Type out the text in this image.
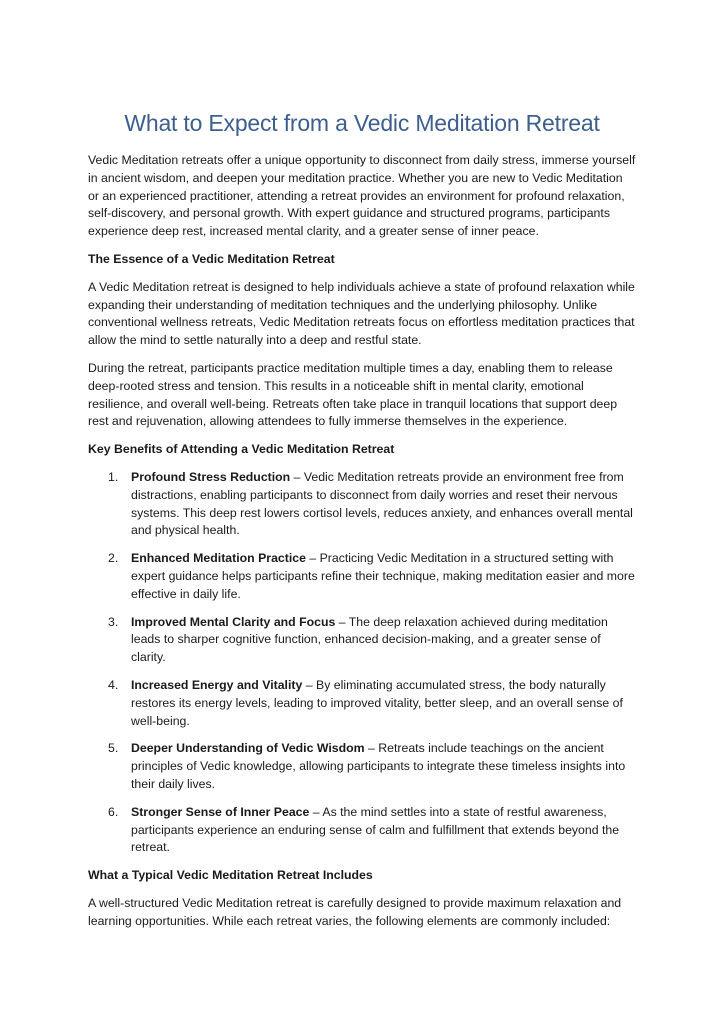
What to Expect from a Vedic Meditation Retreat

Vedic Meditation retreats offer a unique opportunity to disconnect from daily stress, immerse yourself in ancient wisdom, and deepen your meditation practice. Whether you are new to Vedic Meditation or an experienced practitioner, attending a retreat provides an environment for profound relaxation, self-discovery, and personal growth. With expert guidance and structured programs, participants experience deep rest, increased mental clarity, and a greater sense of inner peace.

The Essence of a Vedic Meditation Retreat

A Vedic Meditation retreat is designed to help individuals achieve a state of profound relaxation while expanding their understanding of meditation techniques and the underlying philosophy. Unlike conventional wellness retreats, Vedic Meditation retreats focus on effortless meditation practices that allow the mind to settle naturally into a deep and restful state.

During the retreat, participants practice meditation multiple times a day, enabling them to release deep-rooted stress and tension. This results in a noticeable shift in mental clarity, emotional resilience, and overall well-being. Retreats often take place in tranquil locations that support deep rest and rejuvenation, allowing attendees to fully immerse themselves in the experience.

Key Benefits of Attending a Vedic Meditation Retreat
1.	Profound Stress Reduction – Vedic Meditation retreats provide an environment free from distractions, enabling participants to disconnect from daily worries and reset their nervous systems. This deep rest lowers cortisol levels, reduces anxiety, and enhances overall mental and physical health.
2.	Enhanced Meditation Practice – Practicing Vedic Meditation in a structured setting with expert guidance helps participants refine their technique, making meditation easier and more effective in daily life.
3.	Improved Mental Clarity and Focus – The deep relaxation achieved during meditation leads to sharper cognitive function, enhanced decision-making, and a greater sense of clarity.
4.	Increased Energy and Vitality – By eliminating accumulated stress, the body naturally restores its energy levels, leading to improved vitality, better sleep, and an overall sense of well-being.
5.	Deeper Understanding of Vedic Wisdom – Retreats include teachings on the ancient principles of Vedic knowledge, allowing participants to integrate these timeless insights into their daily lives.
6.	Stronger Sense of Inner Peace – As the mind settles into a state of restful awareness, participants experience an enduring sense of calm and fulfillment that extends beyond the retreat.
What a Typical Vedic Meditation Retreat Includes

A well-structured Vedic Meditation retreat is carefully designed to provide maximum relaxation and learning opportunities. While each retreat varies, the following elements are commonly included:
